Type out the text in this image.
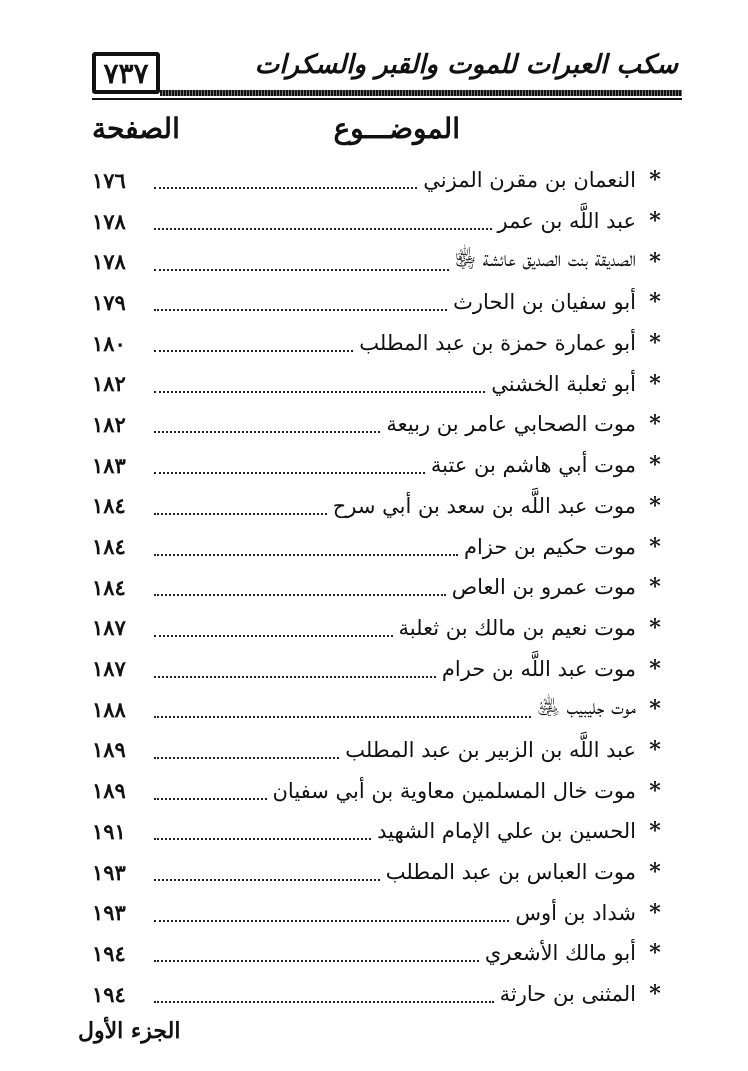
٧٣٧	سكب العبرات للموت والقبر والسكرات
الموضـــوع
الصفحة
*
النعمان بن مقرن المزني
١٧٦
*
عبد اللَّه بن عمر
١٧٨
*
الصديقة بنت الصديق عائشة ﵂
١٧٨
*
أبو سفيان بن الحارث
١٧٩
*
أبو عمارة حمزة بن عبد المطلب
١٨٠
*
أبو ثعلبة الخشني
١٨٢
*
موت الصحابي عامر بن ربيعة
١٨٢
*
موت أبي هاشم بن عتبة
١٨٣
*
موت عبد اللَّه بن سعد بن أبي سرح
١٨٤
*
موت حكيم بن حزام
١٨٤
*
موت عمرو بن العاص
١٨٤
*
موت نعيم بن مالك بن ثعلبة
١٨٧
*
موت عبد اللَّه بن حرام
١٨٧
*
موت جليبيب ﵁
١٨٨
*
عبد اللَّه بن الزبير بن عبد المطلب
١٨٩
*
موت خال المسلمين معاوية بن أبي سفيان
١٨٩
*
الحسين بن علي الإمام الشهيد
١٩١
*
موت العباس بن عبد المطلب
١٩٣
*
شداد بن أوس
١٩٣
*
أبو مالك الأشعري
١٩٤
*
المثنى بن حارثة
١٩٤
الجزء الأول
